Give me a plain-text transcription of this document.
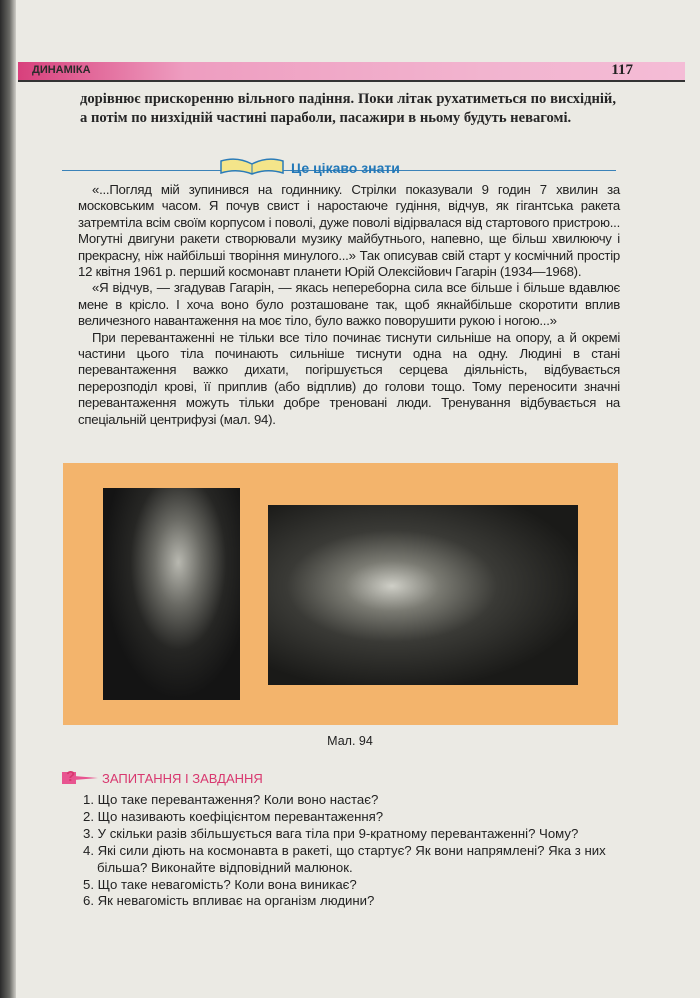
ДИНАМІКА	117
дорівнює прискоренню вільного падіння. Поки літак рухатиметься по висхідній, а потім по низхідній частині параболи, пасажири в ньому будуть невагомі.
Це цікаво знати

«...Погляд мій зупинився на годиннику. Стрілки показували 9 годин 7 хвилин за московським часом. Я почув свист і наростаюче гудіння, відчув, як гігантська ракета затремтіла всім своїм корпусом і поволі, дуже поволі відірвалася від стартового пристрою... Могутні двигуни ракети створювали музику майбутнього, напевно, ще більш хвилюючу і прекрасну, ніж найбільші творіння минулого...» Так описував свій старт у космічний простір 12 квітня 1961 р. перший космонавт планети Юрій Олексійович Гагарін (1934—1968).

«Я відчув, — згадував Гагарін, — якась непереборна сила все більше і більше вдавлює мене в крісло. І хоча воно було розташоване так, щоб якнайбільше скоротити вплив величезного навантаження на моє тіло, було важко поворушити рукою і ногою...»

При перевантаженні не тільки все тіло починає тиснути сильніше на опору, а й окремі частини цього тіла починають сильніше тиснути одна на одну. Людині в стані перевантаження важко дихати, погіршується серцева діяльність, відбувається перерозподіл крові, її приплив (або відплив) до голови тощо. Тому переносити значні перевантаження можуть тільки добре треновані люди. Тренування відбувається на спеціальній центрифузі (мал. 94).

Мал. 94
? ЗАПИТАННЯ І ЗАВДАННЯ
1. Що таке перевантаження? Коли воно настає?
2. Що називають коефіцієнтом перевантаження?
3. У скільки разів збільшується вага тіла при 9-кратному перевантаженні? Чому?
4. Які сили діють на космонавта в ракеті, що стартує? Як вони напрямлені? Яка з них більша? Виконайте відповідний малюнок.
5. Що таке невагомість? Коли вона виникає?
6. Як невагомість впливає на організм людини?
